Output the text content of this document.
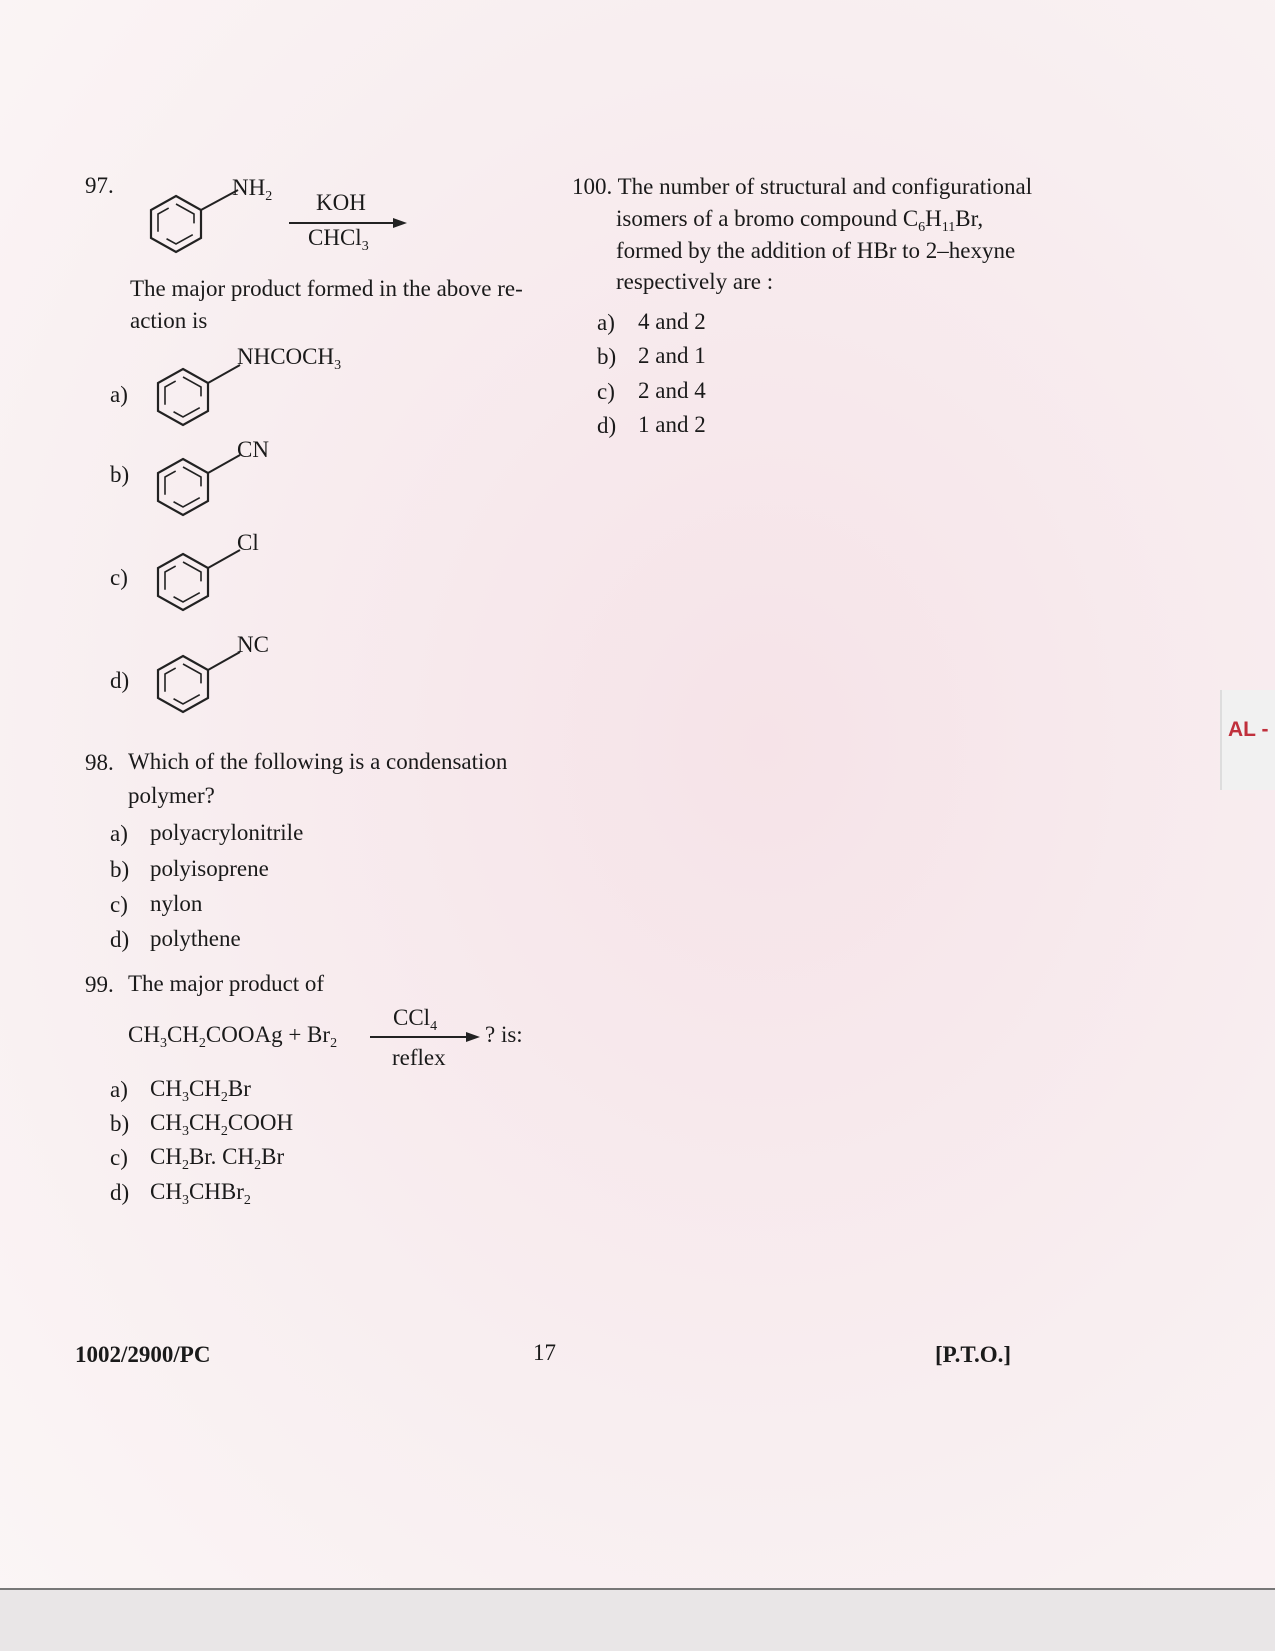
AL -
97.	$NH_2$ KOH
CHCl$_3$
The major product formed in the above re-
action is
a)
$NHCOCH_3$
b)
CN
c)
Cl
d)
NC
98. Which of the following is a condensation
polymer?
a) polyacrylonitrile
b) polyisoprene
c) nylon
d) polythene
99. The major product of
$CH_3CH_2COOAg + Br_2$
CCl$_4$ ? is:
reflex
a) $CH_3CH_2Br$
b) $CH_3CH_2COOH$
c) $CH_2Br$. $CH_2Br$
d) $CH_3CHBr_2$
100. The number of structural and configurational
isomers of a bromo compound $C_6H_{11}Br$,
formed by the addition of HBr to 2–hexyne
respectively are :
a) 4 and 2
b) 2 and 1
c) 2 and 4
d) 1 and 2
1002/2900/PC	17	[P.T.O.]
